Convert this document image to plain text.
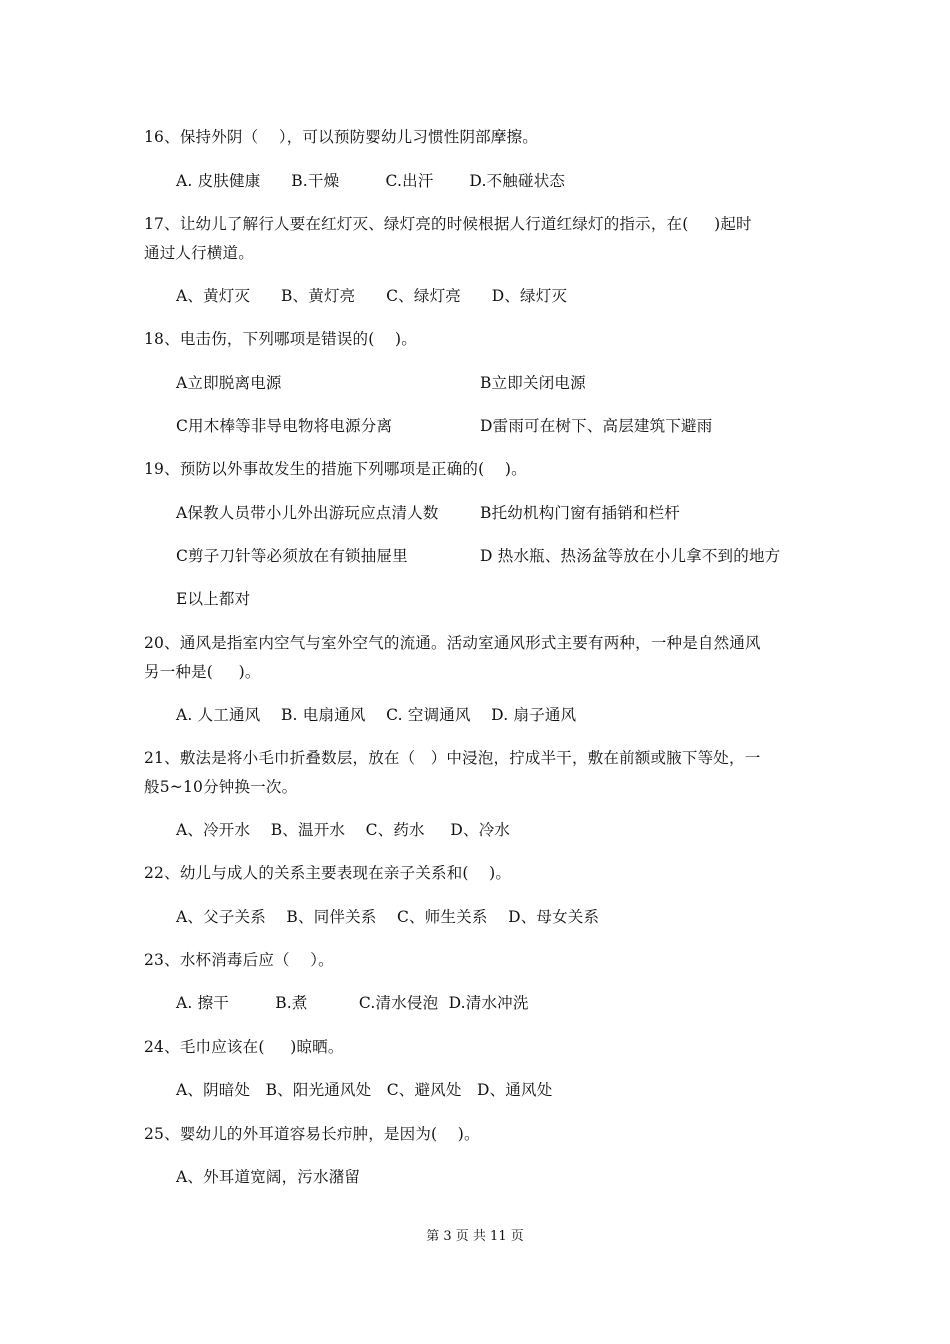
16、保持外阴（    ），可以预防婴幼儿习惯性阴部摩擦。
A. 皮肤健康      B.干燥         C.出汗       D.不触碰状态
17、让幼儿了解行人要在红灯灭、绿灯亮的时候根据人行道红绿灯的指示，在(     )起时
通过人行横道。
A、黄灯灭      B、黄灯亮      C、绿灯亮      D、绿灯灭
18、电击伤，下列哪项是错误的(    )。
A立即脱离电源	B立即关闭电源
C用木棒等非导电物将电源分离	D雷雨可在树下、高层建筑下避雨
19、预防以外事故发生的措施下列哪项是正确的(    )。
A保教人员带小儿外出游玩应点清人数	B托幼机构门窗有插销和栏杆
C剪子刀针等必须放在有锁抽屉里	D 热水瓶、热汤盆等放在小儿拿不到的地方
E以上都对
20、通风是指室内空气与室外空气的流通。活动室通风形式主要有两种，一种是自然通风
另一种是(     )。
A. 人工通风    B. 电扇通风    C. 空调通风    D. 扇子通风
21、敷法是将小毛巾折叠数层，放在（   ）中浸泡，拧成半干，敷在前额或腋下等处，一
般5~10分钟换一次。
A、冷开水    B、温开水    C、药水     D、冷水
22、幼儿与成人的关系主要表现在亲子关系和(    )。
A、父子关系    B、同伴关系    C、师生关系    D、母女关系
23、水杯消毒后应（    ）。
A. 擦干         B.煮          C.清水侵泡  D.清水冲洗
24、毛巾应该在(     )晾晒。
A、阴暗处   B、阳光通风处   C、避风处   D、通风处
25、婴幼儿的外耳道容易长疖肿，是因为(    )。
A、外耳道宽阔，污水潴留
第 3 页 共 11 页
